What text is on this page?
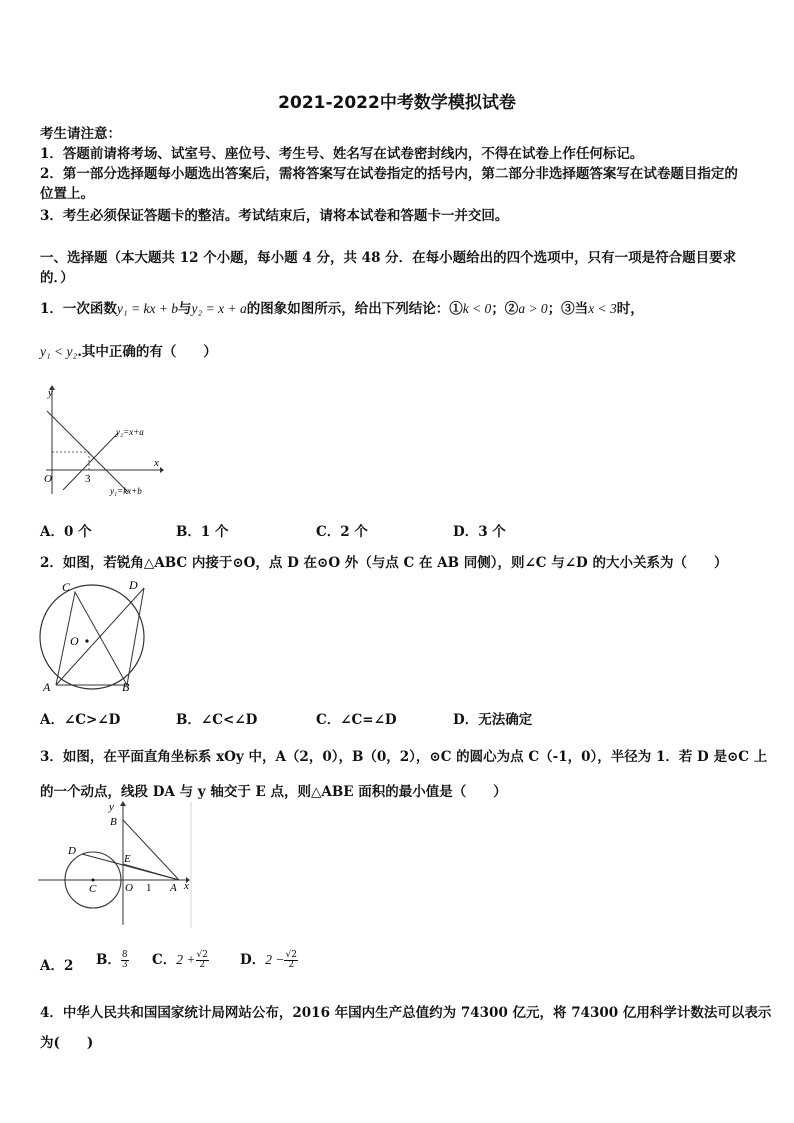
2021-2022中考数学模拟试卷
考生请注意：
1．答题前请将考场、试室号、座位号、考生号、姓名写在试卷密封线内，不得在试卷上作任何标记。
2．第一部分选择题每小题选出答案后，需将答案写在试卷指定的括号内，第二部分非选择题答案写在试卷题目指定的
位置上。
3．考生必须保证答题卡的整洁。考试结束后，请将本试卷和答题卡一并交回。
一、选择题（本大题共 12 个小题，每小题 4 分，共 48 分．在每小题给出的四个选项中，只有一项是符合题目要求
的．）
1．一次函数y₁ = kx + b与y₂ = x + a的图象如图所示，给出下列结论：①k < 0；②a > 0；③当x < 3时，
y₁ < y₂.其中正确的有（　　）
y
x
O	3
y₂=x+a
y₁=kx+b
A．0 个	B．1 个	C．2 个	D．3 个
2．如图，若锐角△ABC 内接于⊙O，点 D 在⊙O 外（与点 C 在 AB 同侧），则∠C 与∠D 的大小关系为（　　）
C	D
O
A	B
A．∠C>∠D	B．∠C<∠D	C．∠C=∠D	D．无法确定
3．如图，在平面直角坐标系 xOy 中，A（2，0），B（0，2），⊙C 的圆心为点 C（-1，0），半径为 1．若 D 是⊙C 上
的一个动点，线段 DA 与 y 轴交于 E 点，则△ABE 面积的最小值是（　　）
y
B
D
E
C	O 1 A x
A．2 B． $\frac{8}{3}$ C．$2 + \frac{√2}{2}$ D．$2 - \frac{√2}{2}$
4．中华人民共和国国家统计局网站公布，2016 年国内生产总值约为 74300 亿元，将 74300 亿用科学计数法可以表示
为(　　)
